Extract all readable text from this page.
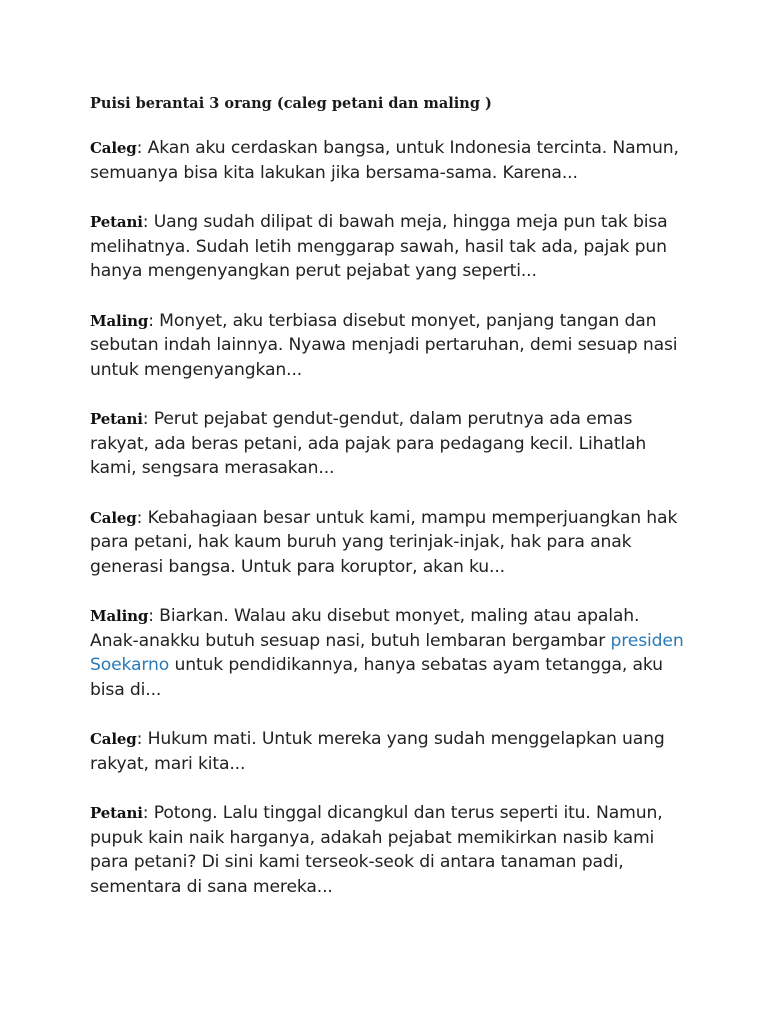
Puisi berantai 3 orang (caleg petani dan maling )

Caleg: Akan aku cerdaskan bangsa, untuk Indonesia tercinta. Namun, semuanya bisa kita lakukan jika bersama-sama. Karena...

Petani: Uang sudah dilipat di bawah meja, hingga meja pun tak bisa melihatnya. Sudah letih menggarap sawah, hasil tak ada, pajak pun hanya mengenyangkan perut pejabat yang seperti...

Maling: Monyet, aku terbiasa disebut monyet, panjang tangan dan sebutan indah lainnya. Nyawa menjadi pertaruhan, demi sesuap nasi untuk mengenyangkan...

Petani: Perut pejabat gendut-gendut, dalam perutnya ada emas rakyat, ada beras petani, ada pajak para pedagang kecil. Lihatlah kami, sengsara merasakan...

Caleg: Kebahagiaan besar untuk kami, mampu memperjuangkan hak para petani, hak kaum buruh yang terinjak-injak, hak para anak generasi bangsa. Untuk para koruptor, akan ku...

Maling: Biarkan. Walau aku disebut monyet, maling atau apalah. Anak-anakku butuh sesuap nasi, butuh lembaran bergambar presiden Soekarno untuk pendidikannya, hanya sebatas ayam tetangga, aku bisa di...

Caleg: Hukum mati. Untuk mereka yang sudah menggelapkan uang rakyat, mari kita...

Petani: Potong. Lalu tinggal dicangkul dan terus seperti itu. Namun, pupuk kain naik harganya, adakah pejabat memikirkan nasib kami para petani? Di sini kami terseok-seok di antara tanaman padi, sementara di sana mereka...
